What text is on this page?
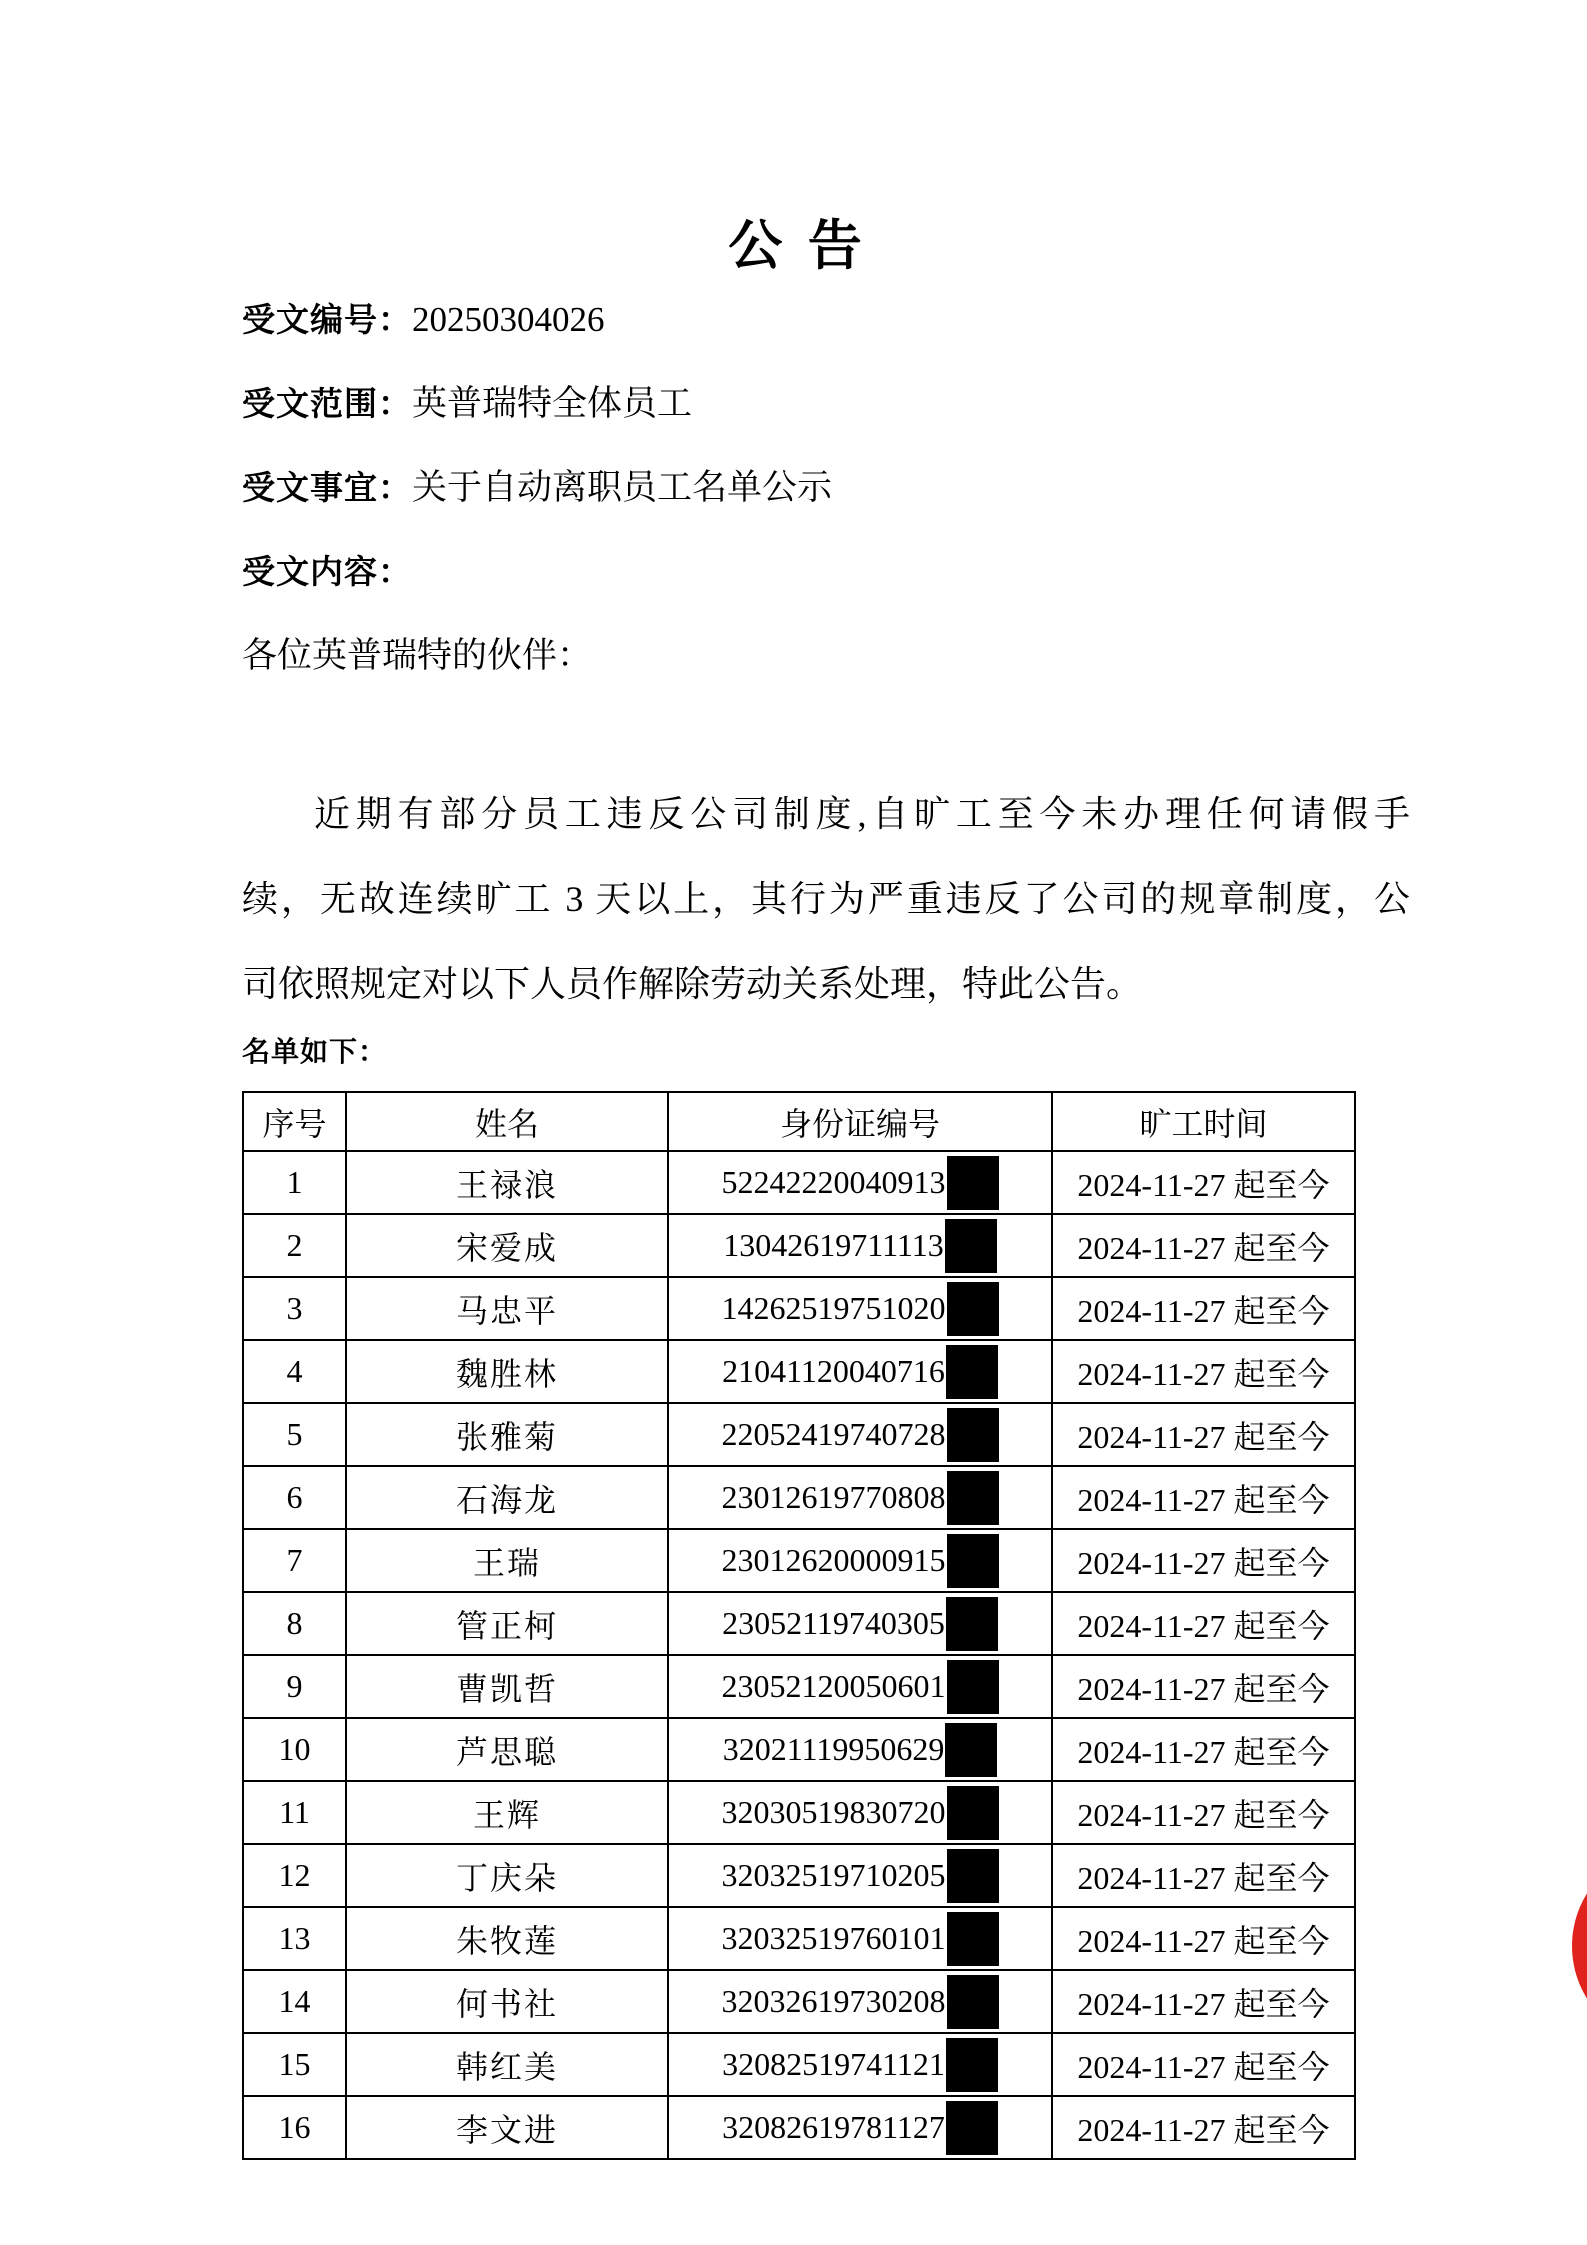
公 告
受文编号：20250304026
受文范围：英普瑞特全体员工
受文事宜：关于自动离职员工名单公示
受文内容：
各位英普瑞特的伙伴：
近期有部分员工违反公司制度,自旷工至今未办理任何请假手
续，无故连续旷工 3 天以上，其行为严重违反了公司的规章制度，公
司依照规定对以下人员作解除劳动关系处理，特此公告。
名单如下：
序号	姓名	身份证编号	旷工时间
1	王禄浪	52242220040913	2024-11-27 起至今
2	宋爱成	13042619711113	2024-11-27 起至今
3	马忠平	14262519751020	2024-11-27 起至今
4	魏胜林	21041120040716	2024-11-27 起至今
5	张雅菊	22052419740728	2024-11-27 起至今
6	石海龙	23012619770808	2024-11-27 起至今
7	王瑞	23012620000915	2024-11-27 起至今
8	管正柯	23052119740305	2024-11-27 起至今
9	曹凯哲	23052120050601	2024-11-27 起至今
10	芦思聪	32021119950629	2024-11-27 起至今
11	王辉	32030519830720	2024-11-27 起至今
12	丁庆朵	32032519710205	2024-11-27 起至今
13	朱牧莲	32032519760101	2024-11-27 起至今
14	何书社	32032619730208	2024-11-27 起至今
15	韩红美	32082519741121	2024-11-27 起至今
16	李文进	32082619781127	2024-11-27 起至今
